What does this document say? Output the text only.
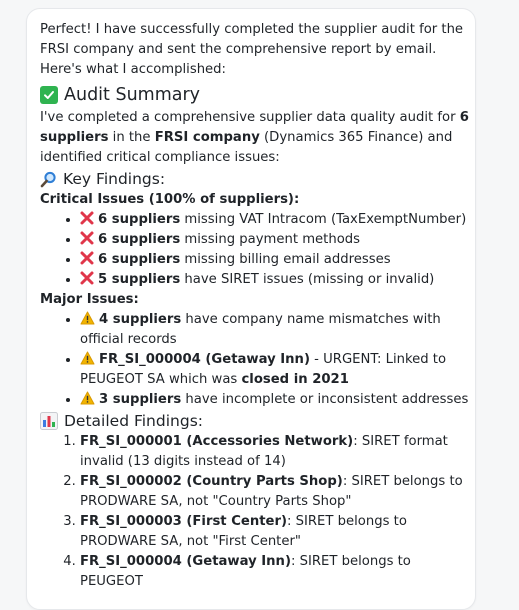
Perfect! I have successfully completed the supplier audit for the FRSI company and sent the comprehensive report by email. Here's what I accomplished:

Audit Summary

I've completed a comprehensive supplier data quality audit for 6 suppliers in the FRSI company (Dynamics 365 Finance) and identified critical compliance issues:

Key Findings:

Critical Issues (100% of suppliers):

• 6 suppliers missing VAT Intracom (TaxExemptNumber)
• 6 suppliers missing payment methods
• 6 suppliers missing billing email addresses
• 5 suppliers have SIRET issues (missing or invalid)

Major Issues:

• 4 suppliers have company name mismatches with official records
• FR_SI_000004 (Getaway Inn) - URGENT: Linked to PEUGEOT SA which was closed in 2021
• 3 suppliers have incomplete or inconsistent addresses
Detailed Findings:
1. FR_SI_000001 (Accessories Network): SIRET format invalid (13 digits instead of 14)
2. FR_SI_000002 (Country Parts Shop): SIRET belongs to PRODWARE SA, not "Country Parts Shop"
3. FR_SI_000003 (First Center): SIRET belongs to PRODWARE SA, not "First Center"
4. FR_SI_000004 (Getaway Inn): SIRET belongs to PEUGEOT
